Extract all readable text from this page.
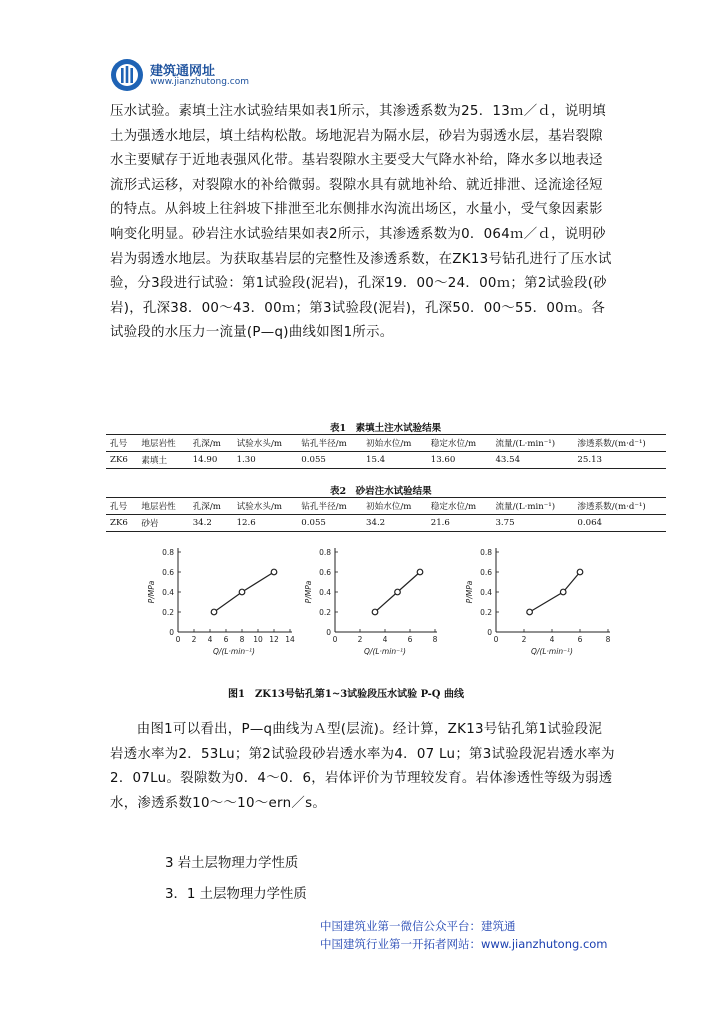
建筑通网址
www.jianzhutong.com

压水试验。素填土注水试验结果如表1所示，其渗透系数为25．13ｍ／ｄ，说明填土为强透水地层，填土结构松散。场地泥岩为隔水层，砂岩为弱透水层，基岩裂隙水主要赋存于近地表强风化带。基岩裂隙水主要受大气降水补给，降水多以地表迳流形式运移，对裂隙水的补给微弱。裂隙水具有就地补给、就近排泄、迳流途径短的特点。从斜坡上往斜坡下排泄至北东侧排水沟流出场区，水量小，受气象因素影响变化明显。砂岩注水试验结果如表2所示，其渗透系数为0．064ｍ／ｄ，说明砂岩为弱透水地层。为获取基岩层的完整性及渗透系数，在ZK13号钻孔进行了压水试验，分3段进行试验：第1试验段(泥岩)，孔深19．00～24．00ｍ；第2试验段(砂岩)，孔深38．00～43．00ｍ；第3试验段(泥岩)，孔深50．00～55．00ｍ。各试验段的水压力一流量(P—q)曲线如图1所示。

表1　素填土注水试验结果
孔号	地层岩性	孔深/m	试验水头/m	钻孔半径/m	初始水位/m	稳定水位/m	流量/(L·min⁻¹)	渗透系数/(m·d⁻¹)
ZK6	素填土	14.90	1.30	0.055	15.4	13.60	43.54	25.13
表2　砂岩注水试验结果
孔号	地层岩性	孔深/m	试验水头/m	钻孔半径/m	初始水位/m	稳定水位/m	流量/(L·min⁻¹)	渗透系数/(m·d⁻¹)
ZK6	砂岩	34.2	12.6	0.055	34.2	21.6	3.75	0.064
0
0.2
0.4
0.6
0.8
0 2 4 6 8 10 12 14
P/MPa
Q/(L·min⁻¹)
0
0.2
0.4
0.6
0.8
0	2	4	6	8
P/MPa
Q/(L·min⁻¹)
0
0.2
0.4
0.6
0.8
0	2	4	6	8
P/MPa
Q/(L·min⁻¹)
图1　ZK13号钻孔第1~3试验段压水试验 P-Q 曲线

由图1可以看出，P—q曲线为Ａ型(层流)。经计算，ZK13号钻孔第1试验段泥岩透水率为2．53Lu；第2试验段砂岩透水率为4．07 Lu；第3试验段泥岩透水率为2．07Lu。裂隙数为0．4～0．6，岩体评价为节理较发育。岩体渗透性等级为弱透水，渗透系数10～～10～ern／s。

3 岩土层物理力学性质

3．1 土层物理力学性质

中国建筑业第一微信公众平台：建筑通
中国建筑行业第一开拓者网站：www.jianzhutong.com
